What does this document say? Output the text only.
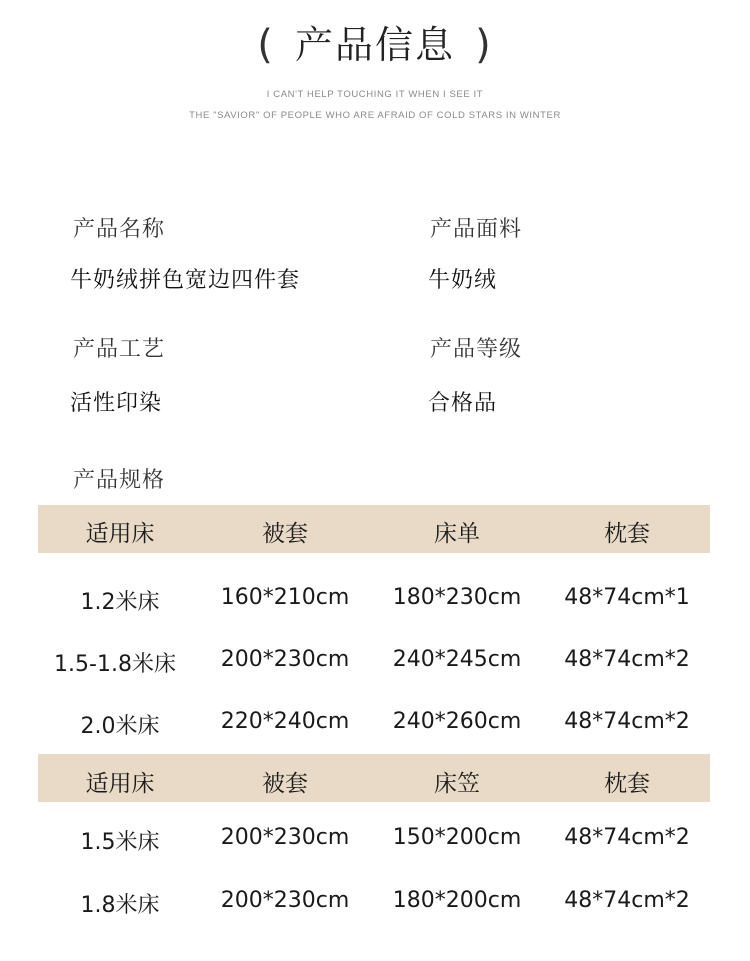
( 产品信息 )
I CAN'T HELP TOUCHING IT WHEN I SEE IT
THE "SAVIOR" OF PEOPLE WHO ARE AFRAID OF COLD STARS IN WINTER
产品名称
牛奶绒拼色宽边四件套
产品面料
牛奶绒
产品工艺
活性印染
产品等级
合格品
产品规格
适用床	被套	床单	枕套
1.2米床	160*210cm	180*230cm	48*74cm*1
1.5-1.8米床	200*230cm	240*245cm	48*74cm*2
2.0米床	220*240cm	240*260cm	48*74cm*2
适用床	被套	床笠	枕套
1.5米床	200*230cm	150*200cm	48*74cm*2
1.8米床	200*230cm	180*200cm	48*74cm*2
